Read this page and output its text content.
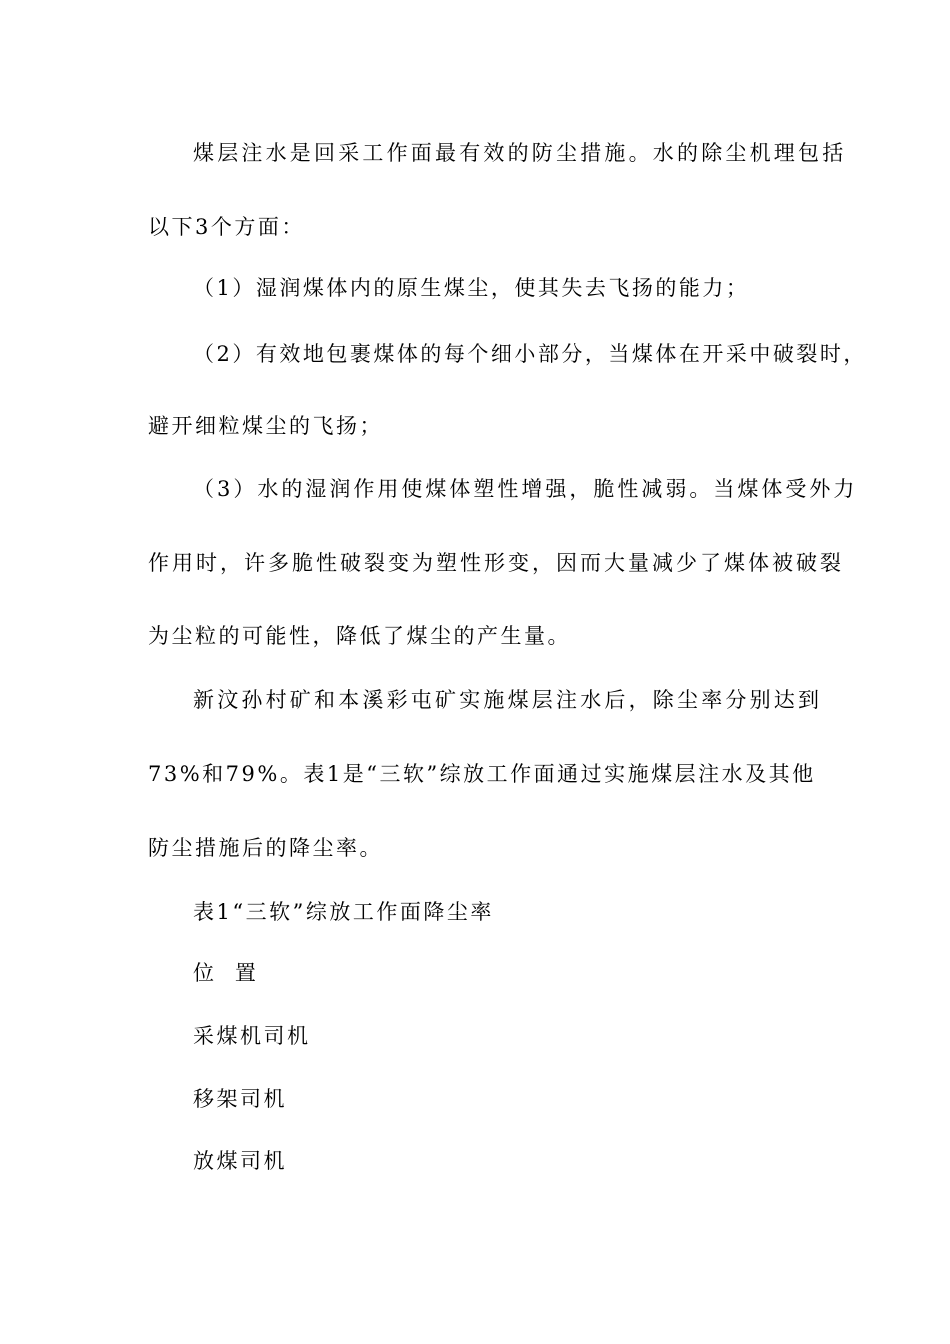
煤层注水是回采工作面最有效的防尘措施。水的除尘机理包括
以下3个方面：
（1）湿润煤体内的原生煤尘，使其失去飞扬的能力；
（2）有效地包裹煤体的每个细小部分，当煤体在开采中破裂时，
避开细粒煤尘的飞扬；
（3）水的湿润作用使煤体塑性增强，脆性减弱。当煤体受外力
作用时，许多脆性破裂变为塑性形变，因而大量减少了煤体被破裂
为尘粒的可能性，降低了煤尘的产生量。
新汶孙村矿和本溪彩屯矿实施煤层注水后，除尘率分别达到
73%和79%。表1是“三软”综放工作面通过实施煤层注水及其他
防尘措施后的降尘率。
表1“三软”综放工作面降尘率
位  置
采煤机司机
移架司机
放煤司机
